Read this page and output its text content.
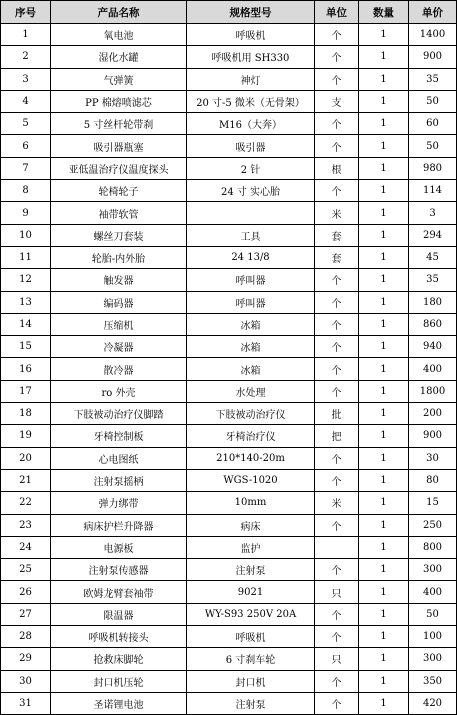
序号	产品名称	规格型号	单位	数量	单价
1	氧电池	呼吸机	个	1	1400
2	湿化水罐	呼吸机用 SH330	个	1	900
3	气弹簧	神灯	个	1	35
4	PP 棉熔喷滤芯	20 寸-5 微米（无骨架）	支	1	50
5	5 寸丝杆轮带刹	M16（大奔）	个	1	60
6	吸引器瓶塞	吸引器	个	1	50
7	亚低温治疗仪温度探头	2 针	根	1	980
8	轮椅轮子	24 寸 实心胎	个	1	114
9	袖带软管		米	1	3
10	螺丝刀套装	工具	套	1	294
11	轮胎-内外胎	24 13/8	套	1	45
12	触发器	呼叫器	个	1	35
13	编码器	呼叫器	个	1	180
14	压缩机	冰箱	个	1	860
15	冷凝器	冰箱	个	1	940
16	散冷器	冰箱	个	1	400
17	ro 外壳	水处理	个	1	1800
18	下肢被动治疗仪脚踏	下肢被动治疗仪	批	1	200
19	牙椅控制板	牙椅治疗仪	把	1	900
20	心电图纸	210*140-20m	个	1	30
21	注射泵摇柄	WGS-1020	个	1	80
22	弹力绑带	10mm	米	1	15
23	病床护栏升降器	病床	个	1	250
24	电源板	监护		1	800
25	注射泵传感器	注射泵	个	1	300
26	欧姆龙臂套袖带	9021	只	1	400
27	限温器	WY-S93 250V 20A	个	1	50
28	呼吸机转接头	呼吸机	个	1	100
29	抢救床脚轮	6 寸刹车轮	只	1	300
30	封口机压轮	封口机	个	1	350
31	圣诺锂电池	注射泵	个	1	420
